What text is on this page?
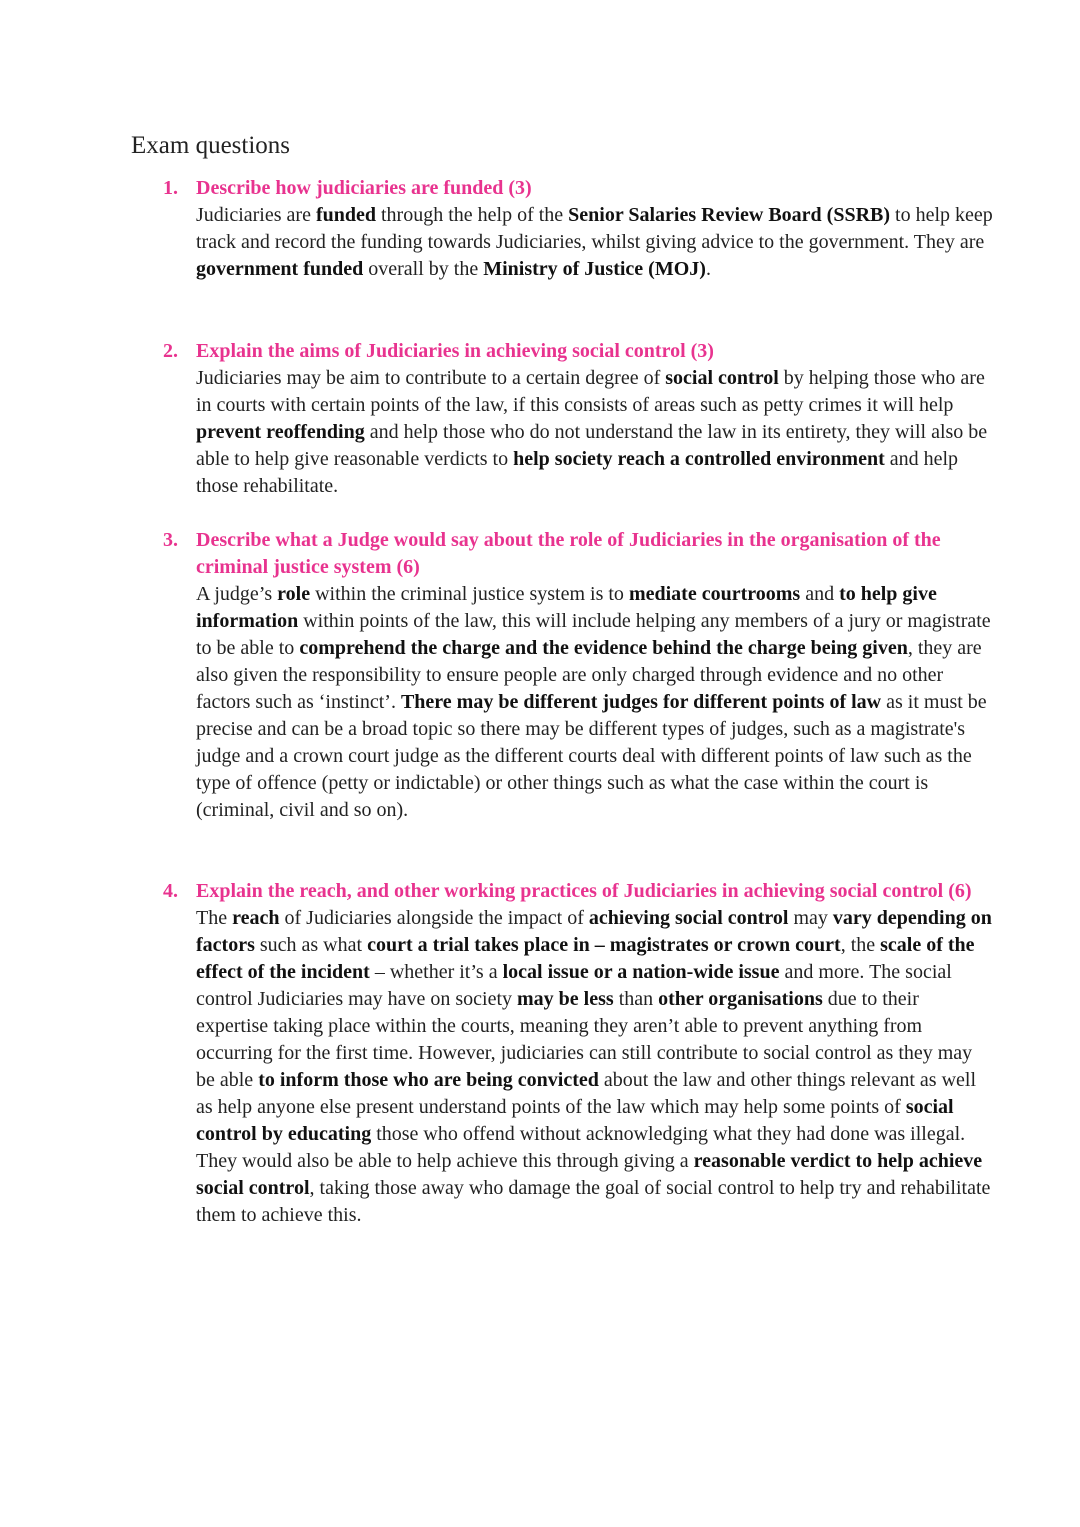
Exam questions
1. Describe how judiciaries are funded (3)

Judiciaries are funded through the help of the Senior Salaries Review Board (SSRB) to help keep track and record the funding towards Judiciaries, whilst giving advice to the government. They are government funded overall by the Ministry of Justice (MOJ).

2. Explain the aims of Judiciaries in achieving social control (3)

Judiciaries may be aim to contribute to a certain degree of social control by helping those who are in courts with certain points of the law, if this consists of areas such as petty crimes it will help prevent reoffending and help those who do not understand the law in its entirety, they will also be able to help give reasonable verdicts to help society reach a controlled environment and help those rehabilitate.

3. Describe what a Judge would say about the role of Judiciaries in the organisation of the criminal justice system (6)

A judge’s role within the criminal justice system is to mediate courtrooms and to help give information within points of the law, this will include helping any members of a jury or magistrate to be able to comprehend the charge and the evidence behind the charge being given, they are also given the responsibility to ensure people are only charged through evidence and no other factors such as ‘instinct’. There may be different judges for different points of law as it must be precise and can be a broad topic so there may be different types of judges, such as a magistrate's judge and a crown court judge as the different courts deal with different points of law such as the type of offence (petty or indictable) or other things such as what the case within the court is (criminal, civil and so on).

4. Explain the reach, and other working practices of Judiciaries in achieving social control (6)

The reach of Judiciaries alongside the impact of achieving social control may vary depending on factors such as what court a trial takes place in – magistrates or crown court, the scale of the effect of the incident – whether it’s a local issue or a nation-wide issue and more. The social control Judiciaries may have on society may be less than other organisations due to their expertise taking place within the courts, meaning they aren’t able to prevent anything from occurring for the first time. However, judiciaries can still contribute to social control as they may be able to inform those who are being convicted about the law and other things relevant as well as help anyone else present understand points of the law which may help some points of social control by educating those who offend without acknowledging what they had done was illegal. They would also be able to help achieve this through giving a reasonable verdict to help achieve social control, taking those away who damage the goal of social control to help try and rehabilitate them to achieve this.
